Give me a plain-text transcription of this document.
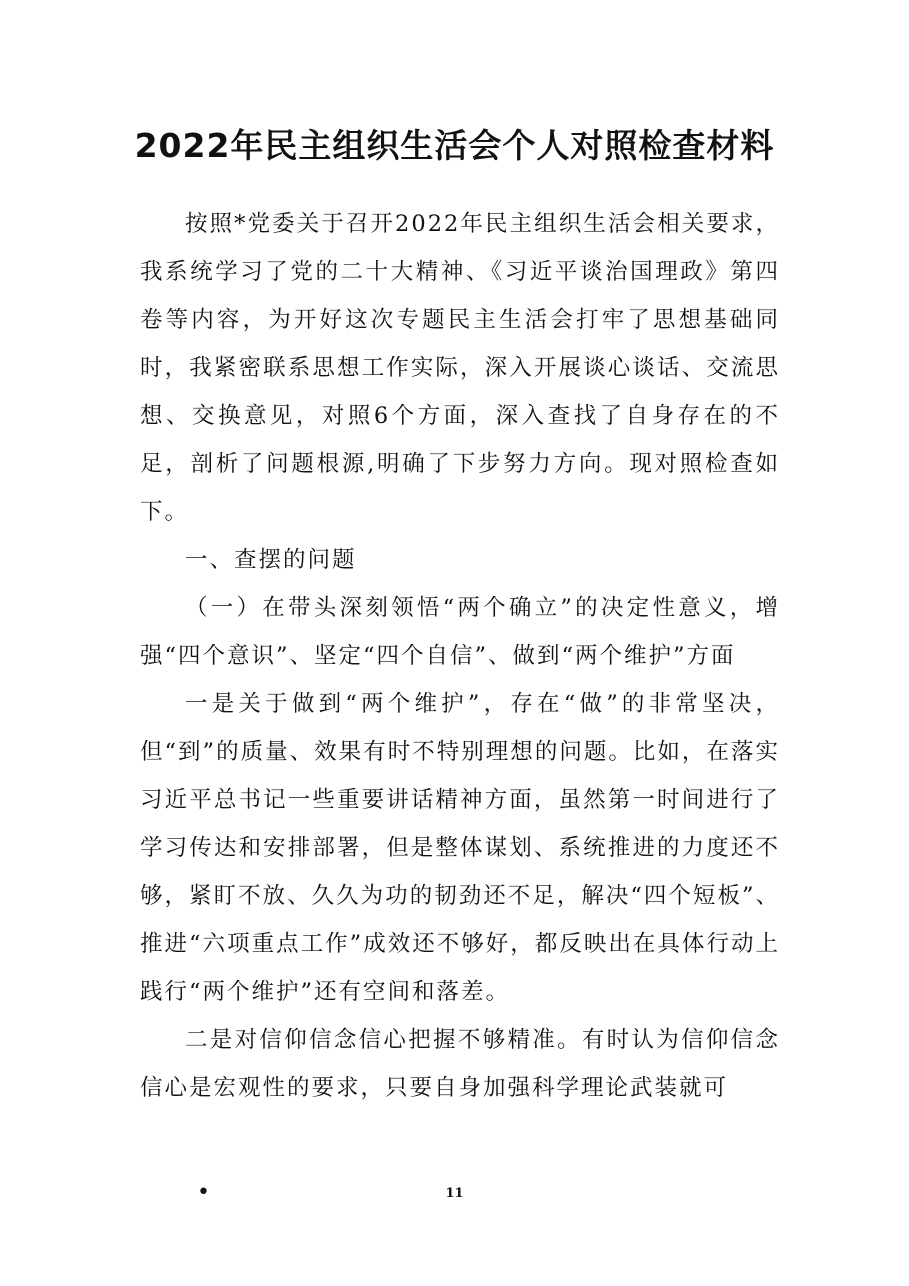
2022年民主组织生活会个人对照检查材料

按照*党委关于召开2022年民主组织生活会相关要求，我系统学习了党的二十大精神、《习近平谈治国理政》第四卷等内容，为开好这次专题民主生活会打牢了思想基础同时，我紧密联系思想工作实际，深入开展谈心谈话、交流思想、交换意见，对照6个方面，深入查找了自身存在的不足，剖析了问题根源,明确了下步努力方向。现对照检查如下。

一、查摆的问题

（一）在带头深刻领悟“两个确立”的决定性意义，增强“四个意识”、坚定“四个自信”、做到“两个维护”方面

一是关于做到“两个维护”，存在“做”的非常坚决，但“到”的质量、效果有时不特别理想的问题。比如，在落实习近平总书记一些重要讲话精神方面，虽然第一时间进行了学习传达和安排部署，但是整体谋划、系统推进的力度还不够，紧盯不放、久久为功的韧劲还不足，解决“四个短板”、推进“六项重点工作”成效还不够好，都反映出在具体行动上践行“两个维护”还有空间和落差。

二是对信仰信念信心把握不够精准。有时认为信仰信念信心是宏观性的要求，只要自身加强科学理论武装就可

•	11
